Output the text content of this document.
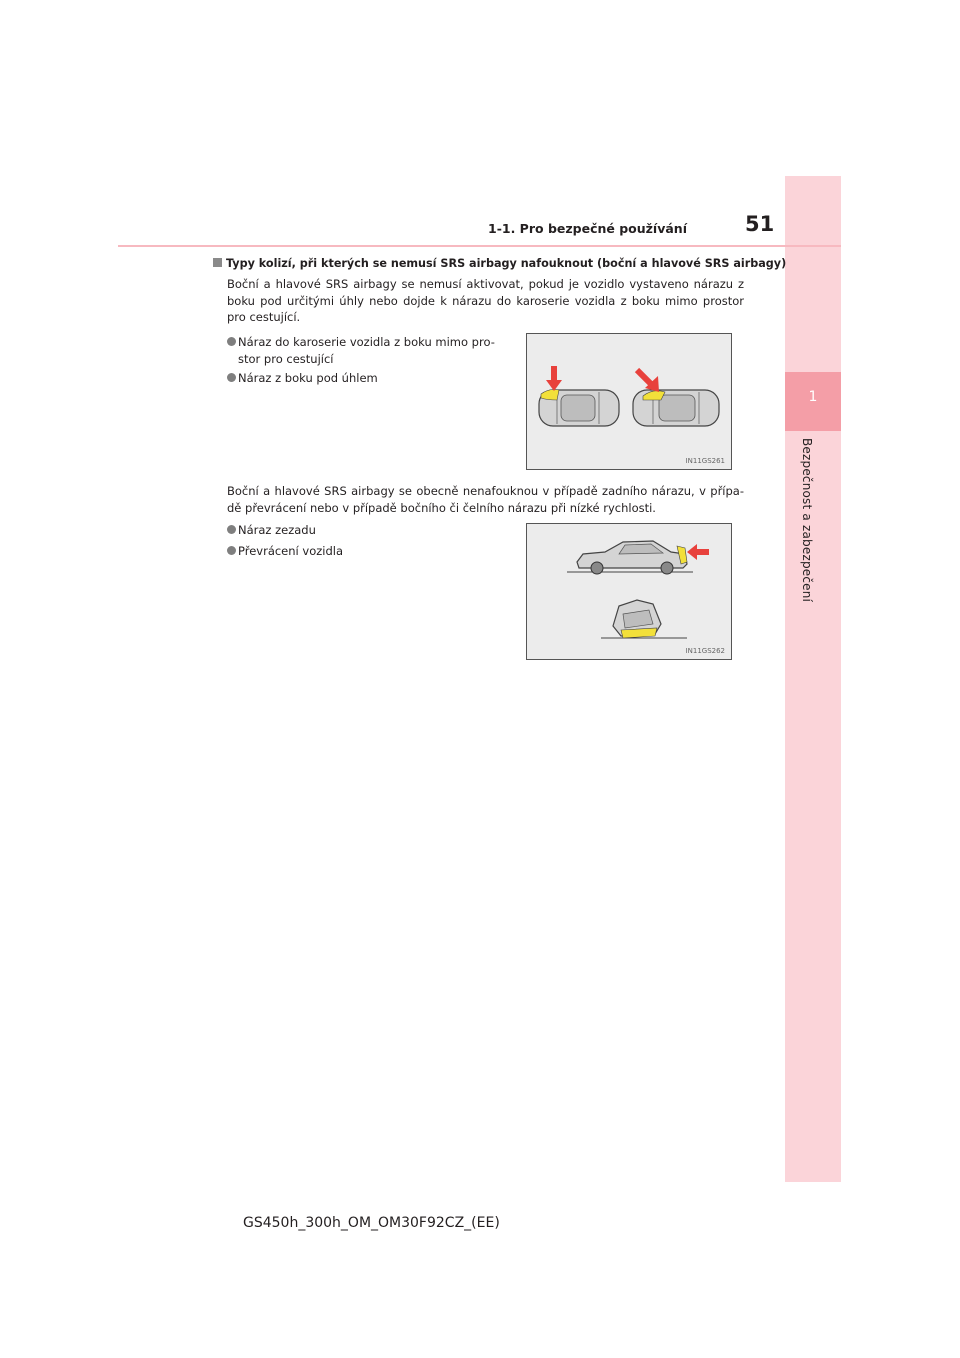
1
Bezpečnost a zabezpečení
1-1. Pro bezpečné používání	51
Typy kolizí, při kterých se nemusí SRS airbagy nafouknout (boční a hlavové SRS airbagy)
Boční a hlavové SRS airbagy se nemusí aktivovat, pokud je vozidlo vystaveno nárazu z boku pod určitými úhly nebo dojde k nárazu do karoserie vozidla z boku mimo prostor pro cestující.
Náraz do karoserie vozidla z boku mimo pro-
stor pro cestující
Náraz z boku pod úhlem
IN11GS261
Boční a hlavové SRS airbagy se obecně nenafouknou v případě zadního nárazu, v přípa-dě převrácení nebo v případě bočního či čelního nárazu při nízké rychlosti.
Náraz zezadu
Převrácení vozidla
IN11GS262
GS450h_300h_OM_OM30F92CZ_(EE)
